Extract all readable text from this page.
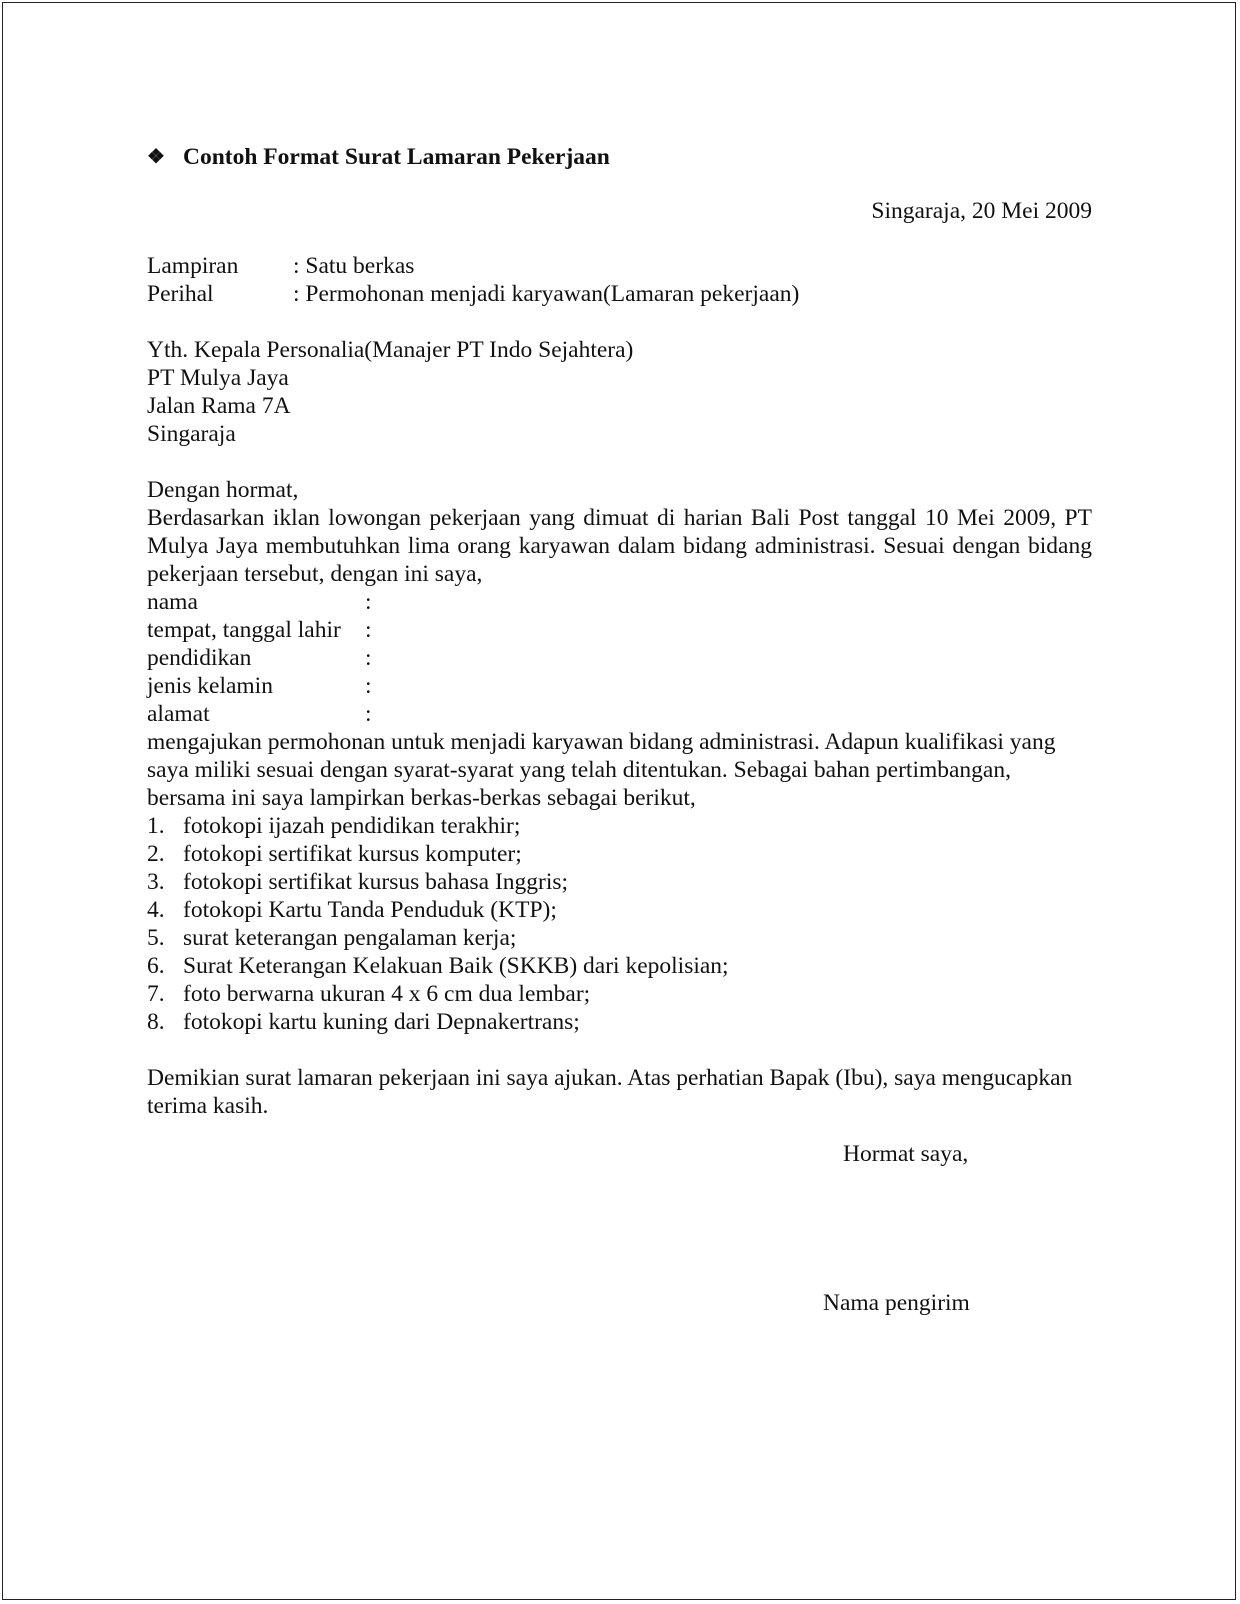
❖ Contoh Format Surat Lamaran Pekerjaan
Singaraja, 20 Mei 2009
Lampiran	: Satu berkas
Perihal	: Permohonan menjadi karyawan(Lamaran pekerjaan)
Yth. Kepala Personalia(Manajer PT Indo Sejahtera)
PT Mulya Jaya
Jalan Rama 7A
Singaraja
Dengan hormat,
Berdasarkan iklan lowongan pekerjaan yang dimuat di harian Bali Post tanggal 10 Mei 2009, PT Mulya Jaya membutuhkan lima orang karyawan dalam bidang administrasi. Sesuai dengan bidang pekerjaan tersebut, dengan ini saya,
nama	:
tempat, tanggal lahir	:
pendidikan	:
jenis kelamin	:
alamat	:
mengajukan permohonan untuk menjadi karyawan bidang administrasi. Adapun kualifikasi yang saya miliki sesuai dengan syarat-syarat yang telah ditentukan. Sebagai bahan pertimbangan, bersama ini saya lampirkan berkas-berkas sebagai berikut,
1. fotokopi ijazah pendidikan terakhir;
2. fotokopi sertifikat kursus komputer;
3. fotokopi sertifikat kursus bahasa Inggris;
4. fotokopi Kartu Tanda Penduduk (KTP);
5. surat keterangan pengalaman kerja;
6. Surat Keterangan Kelakuan Baik (SKKB) dari kepolisian;
7. foto berwarna ukuran 4 x 6 cm dua lembar;
8. fotokopi kartu kuning dari Depnakertrans;
Demikian surat lamaran pekerjaan ini saya ajukan. Atas perhatian Bapak (Ibu), saya mengucapkan terima kasih.
Hormat saya,
Nama pengirim
